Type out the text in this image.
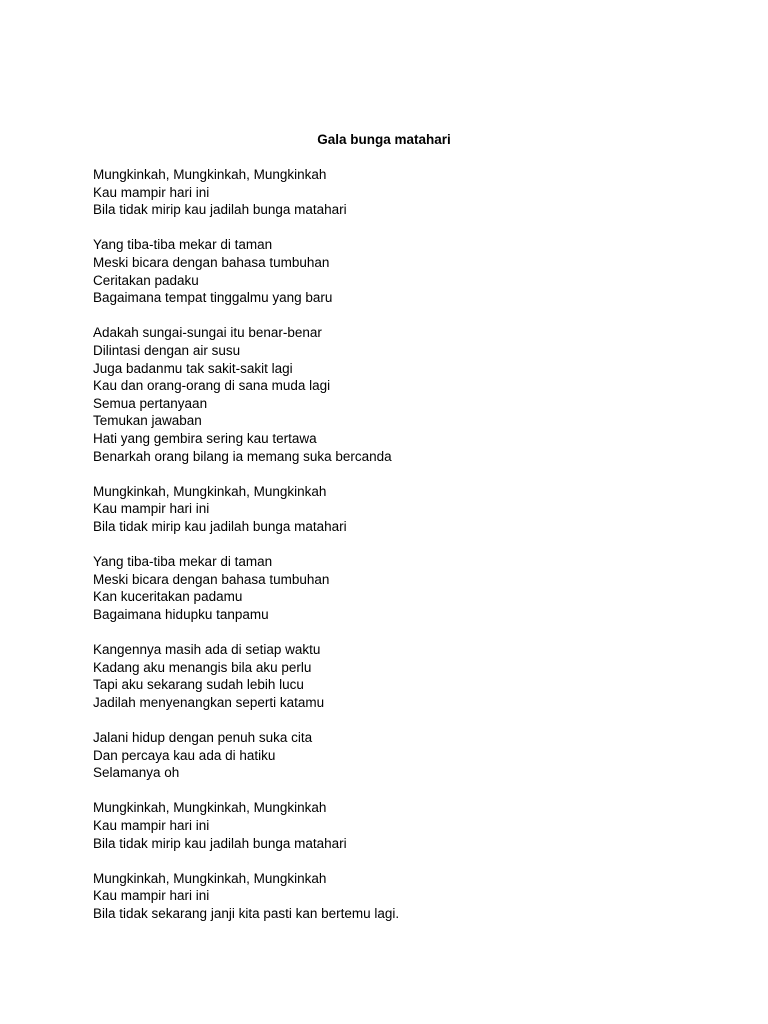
Gala bunga matahari
Mungkinkah, Mungkinkah, Mungkinkah
Kau mampir hari ini
Bila tidak mirip kau jadilah bunga matahari
Yang tiba-tiba mekar di taman
Meski bicara dengan bahasa tumbuhan
Ceritakan padaku
Bagaimana tempat tinggalmu yang baru
Adakah sungai-sungai itu benar-benar
Dilintasi dengan air susu
Juga badanmu tak sakit-sakit lagi
Kau dan orang-orang di sana muda lagi
Semua pertanyaan
Temukan jawaban
Hati yang gembira sering kau tertawa
Benarkah orang bilang ia memang suka bercanda
Mungkinkah, Mungkinkah, Mungkinkah
Kau mampir hari ini
Bila tidak mirip kau jadilah bunga matahari
Yang tiba-tiba mekar di taman
Meski bicara dengan bahasa tumbuhan
Kan kuceritakan padamu
Bagaimana hidupku tanpamu
Kangennya masih ada di setiap waktu
Kadang aku menangis bila aku perlu
Tapi aku sekarang sudah lebih lucu
Jadilah menyenangkan seperti katamu
Jalani hidup dengan penuh suka cita
Dan percaya kau ada di hatiku
Selamanya oh
Mungkinkah, Mungkinkah, Mungkinkah
Kau mampir hari ini
Bila tidak mirip kau jadilah bunga matahari
Mungkinkah, Mungkinkah, Mungkinkah
Kau mampir hari ini
Bila tidak sekarang janji kita pasti kan bertemu lagi.
